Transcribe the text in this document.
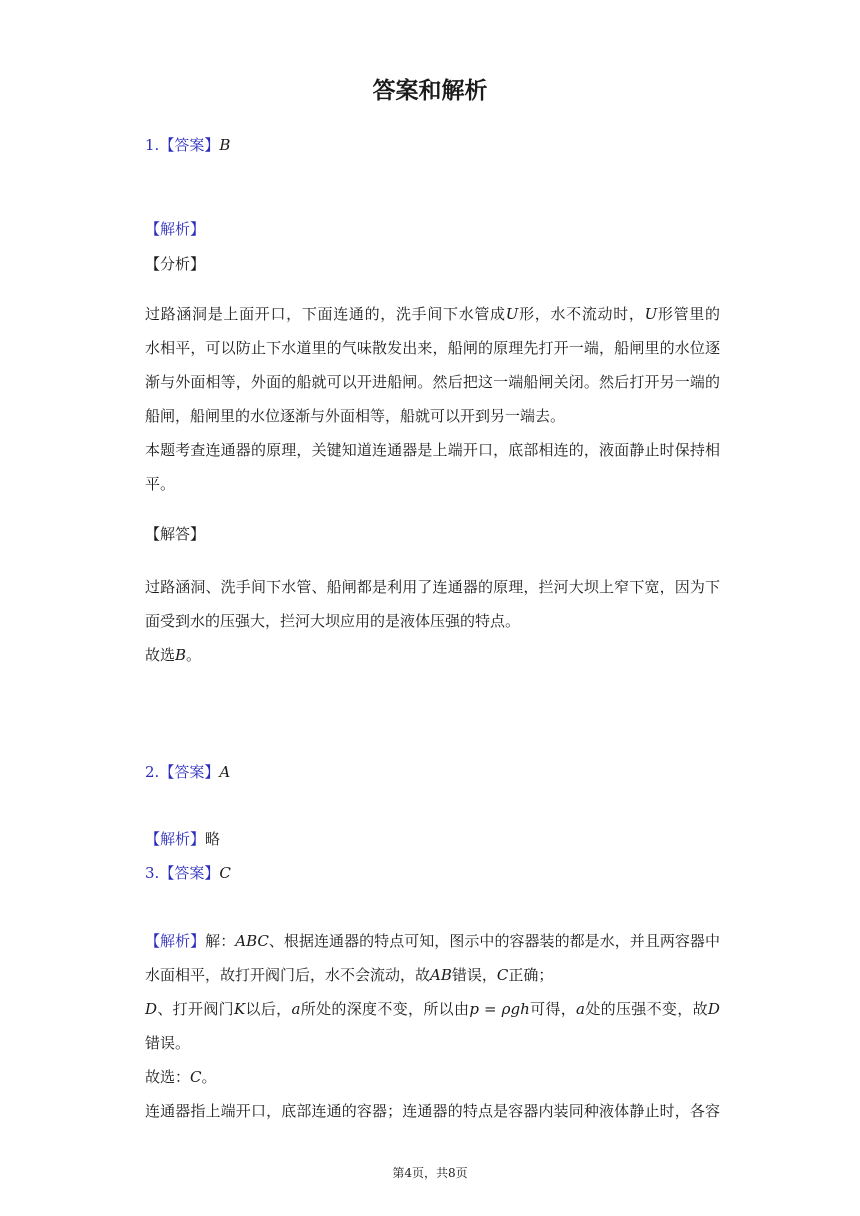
答案和解析
1.【答案】B
【解析】
【分析】
过路涵洞是上面开口，下面连通的，洗手间下水管成U形，水不流动时，U形管里的
水相平，可以防止下水道里的气味散发出来，船闸的原理先打开一端，船闸里的水位逐
渐与外面相等，外面的船就可以开进船闸。然后把这一端船闸关闭。然后打开另一端的
船闸，船闸里的水位逐渐与外面相等，船就可以开到另一端去。
本题考查连通器的原理，关键知道连通器是上端开口，底部相连的，液面静止时保持相
平。
【解答】
过路涵洞、洗手间下水管、船闸都是利用了连通器的原理，拦河大坝上窄下宽，因为下
面受到水的压强大，拦河大坝应用的是液体压强的特点。
故选B。
2.【答案】A
【解析】略
3.【答案】C
【解析】解：ABC、根据连通器的特点可知，图示中的容器装的都是水，并且两容器中
水面相平，故打开阀门后，水不会流动，故AB错误，C正确；
D、打开阀门K以后，a所处的深度不变，所以由p = ρgh可得，a处的压强不变，故D
错误。
故选：C。
连通器指上端开口，底部连通的容器；连通器的特点是容器内装同种液体静止时，各容
第4页，共8页
